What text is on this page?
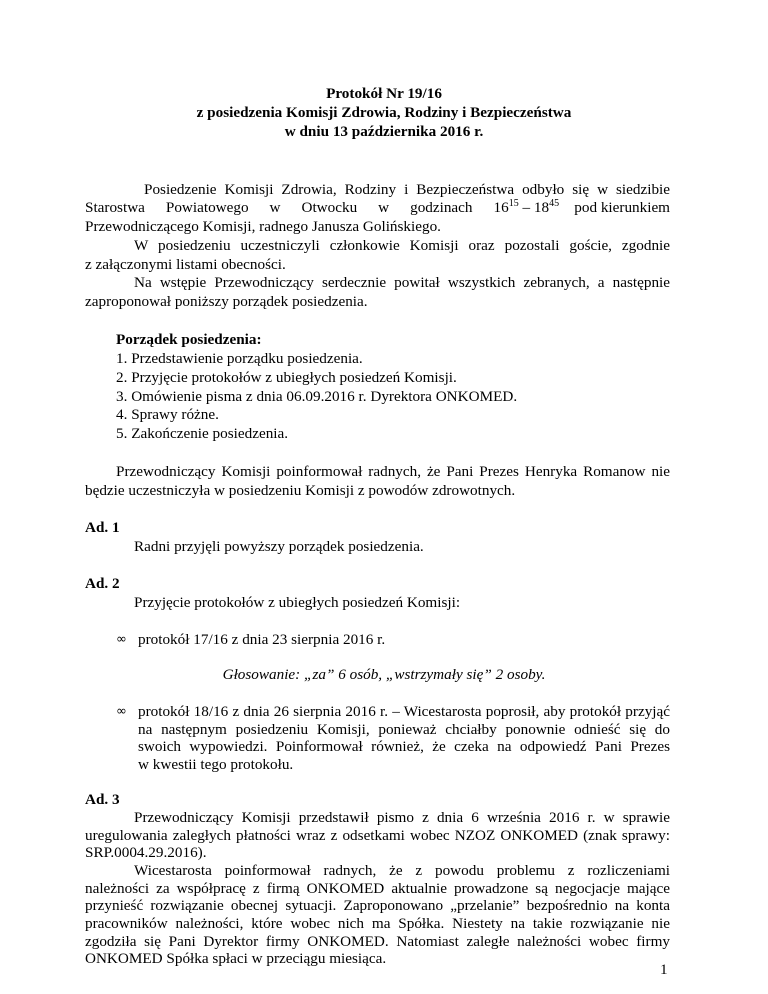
Protokół Nr 19/16
z posiedzenia Komisji Zdrowia, Rodziny i Bezpieczeństwa
w dniu 13 października 2016 r.
Posiedzenie Komisji Zdrowia, Rodziny i Bezpieczeństwa odbyło się w siedzibie
Starostwa Powiatowego w Otwocku w godzinach 16 $^{15} - 18^{45}$    pod kierunkiem
Przewodniczącego Komisji, radnego Janusza Golińskiego.
W posiedzeniu uczestniczyli członkowie Komisji oraz pozostali goście, zgodnie
z załączonymi listami obecności.
Na wstępie Przewodniczący serdecznie powitał wszystkich zebranych, a następnie
zaproponował poniższy porządek posiedzenia.
Porządek posiedzenia:
1. Przedstawienie porządku posiedzenia.
2. Przyjęcie protokołów z ubiegłych posiedzeń Komisji.
3. Omówienie pisma z dnia 06.09.2016 r. Dyrektora ONKOMED.
4. Sprawy różne.
5. Zakończenie posiedzenia.
Przewodniczący Komisji poinformował radnych, że Pani Prezes Henryka Romanow nie
będzie uczestniczyła w posiedzeniu Komisji z powodów zdrowotnych.
Ad. 1
Radni przyjęli powyższy porządek posiedzenia.
Ad. 2
Przyjęcie protokołów z ubiegłych posiedzeń Komisji:
∞ protokół 17/16 z dnia 23 sierpnia 2016 r.
Głosowanie: „za” 6 osób, „wstrzymały się” 2 osoby.
∞ protokół 18/16 z dnia 26 sierpnia 2016 r. – Wicestarosta poprosił, aby protokół przyjąć
na następnym posiedzeniu Komisji, ponieważ chciałby ponownie odnieść się do
swoich wypowiedzi. Poinformował również, że czeka na odpowiedź Pani Prezes
w kwestii tego protokołu.
Ad. 3
Przewodniczący Komisji przedstawił pismo z dnia 6 września 2016 r. w sprawie
uregulowania zaległych płatności wraz z odsetkami wobec NZOZ ONKOMED (znak sprawy:
SRP.0004.29.2016).
Wicestarosta poinformował radnych, że z powodu problemu z rozliczeniami
należności za współpracę z firmą ONKOMED aktualnie prowadzone są negocjacje mające
przynieść rozwiązanie obecnej sytuacji. Zaproponowano „przelanie” bezpośrednio na konta
pracowników należności, które wobec nich ma Spółka. Niestety na takie rozwiązanie nie
zgodziła się Pani Dyrektor firmy ONKOMED. Natomiast zaległe należności wobec firmy
ONKOMED Spółka spłaci w przeciągu miesiąca.
1
